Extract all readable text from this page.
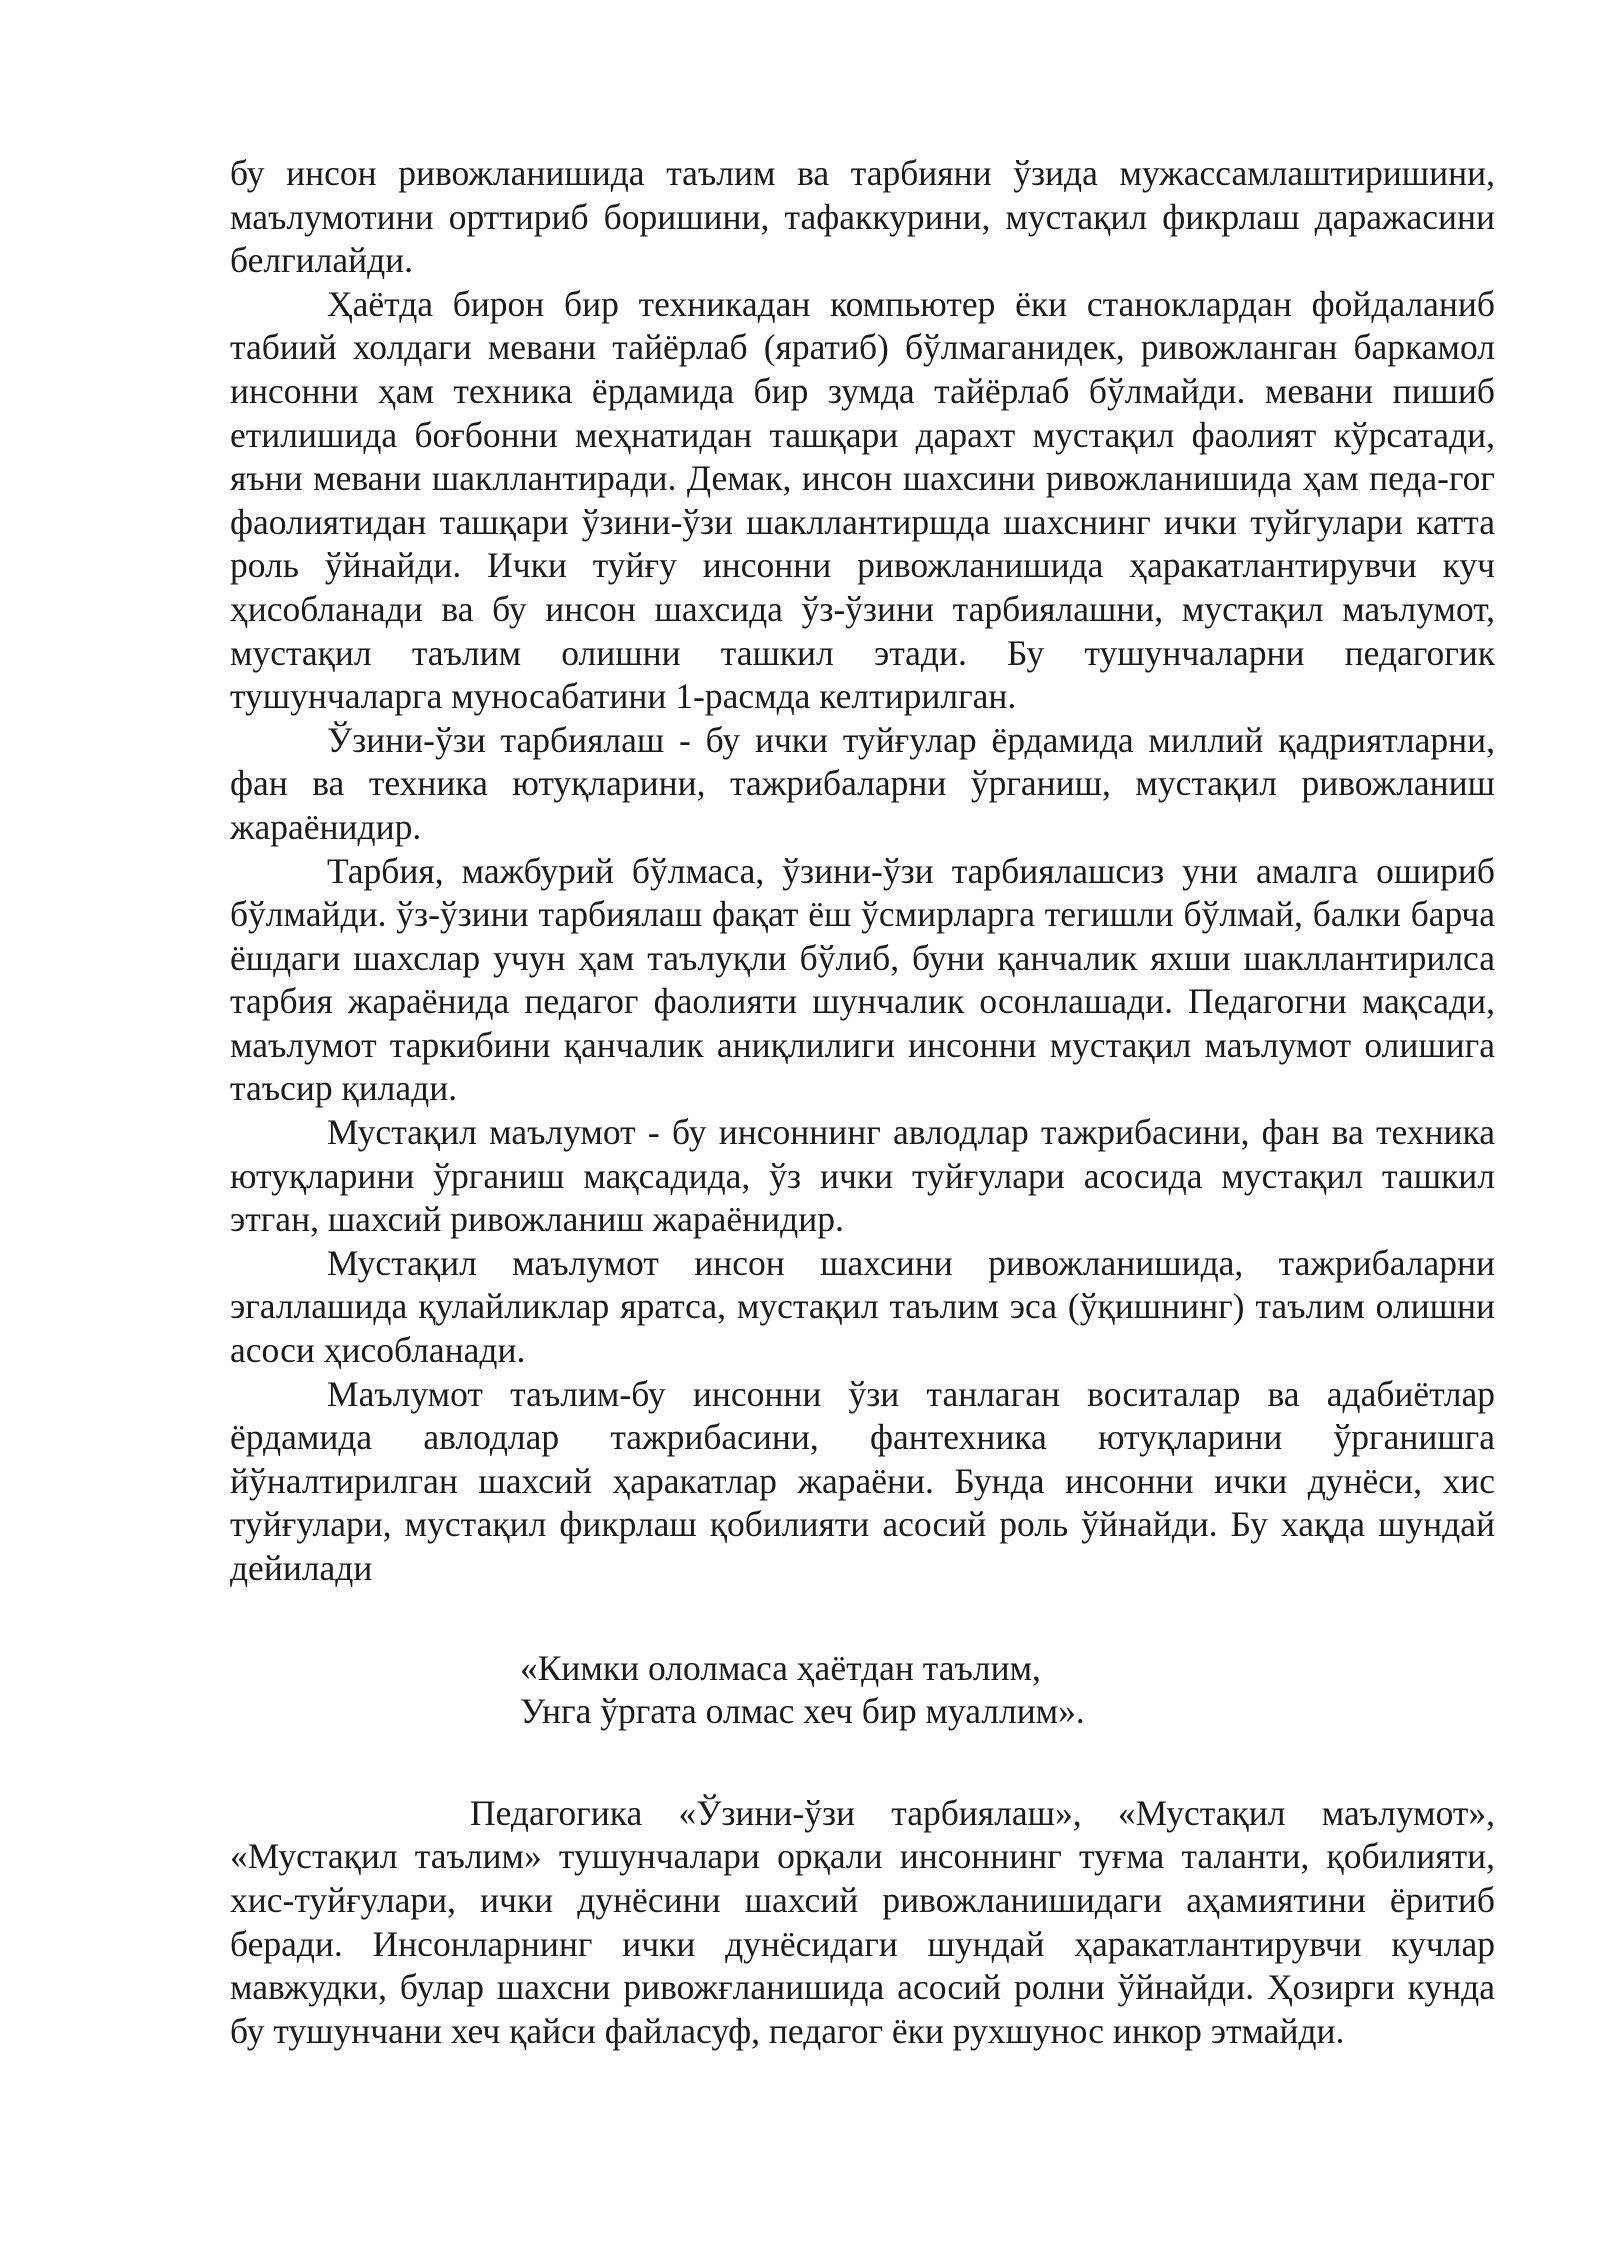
бу инсон ривожланишида таълим ва тарбияни ўзида мужассамлаштиришини, маълумотини орттириб боришини, тафаккурини, мустақил фикрлаш даражасини белгилайди.

Ҳаётда бирон бир техникадан компьютер ёки станоклардан фойдаланиб табиий холдаги мевани тайёрлаб (яратиб) бўлмаганидек, ривожланган баркамол инсонни ҳам техника ёрдамида бир зумда тайёрлаб бўлмайди. мевани пишиб етилишида боғбонни меҳнатидан ташқари дарахт мустақил фаолият кўрсатади, яъни мевани шакллантиради. Демак, инсон шахсини ривожланишида ҳам педа-гог фаолиятидан ташқари ўзини-ўзи шакллантиршда шахснинг ички туйгулари катта роль ўйнайди. Ички туйғу инсонни ривожланишида ҳаракатлантирувчи куч ҳисобланади ва бу инсон шахсида ўз-ўзини тарбиялашни, мустақил маълумот, мустақил таълим олишни ташкил этади. Бу тушунчаларни педагогик тушунчаларга муносабатини 1-расмда келтирилган.

Ўзини-ўзи тарбиялаш - бу ички туйғулар ёрдамида миллий қадриятларни, фан ва техника ютуқларини, тажрибаларни ўрганиш, мустақил ривожланиш жараёнидир.

Тарбия, мажбурий бўлмаса, ўзини-ўзи тарбиялашсиз уни амалга ошириб бўлмайди. ўз-ўзини тарбиялаш фақат ёш ўсмирларга тегишли бўлмай, балки барча ёшдаги шахслар учун ҳам таълуқли бўлиб, буни қанчалик яхши шакллантирилса тарбия жараёнида педагог фаолияти шунчалик осонлашади. Педагогни мақсади, маълумот таркибини қанчалик аниқлилиги инсонни мустақил маълумот олишига таъсир қилади.

Мустақил маълумот - бу инсоннинг авлодлар тажрибасини, фан ва техника ютуқларини ўрганиш мақсадида, ўз ички туйғулари асосида мустақил ташкил этган, шахсий ривожланиш жараёнидир.

Мустақил маълумот инсон шахсини ривожланишида, тажрибаларни эгаллашида қулайликлар яратса, мустақил таълим эса (ўқишнинг) таълим олишни асоси ҳисобланади.

Маълумот таълим-бу инсонни ўзи танлаган воситалар ва адабиётлар ёрдамида авлодлар тажрибасини, фантехника ютуқларини ўрганишга йўналтирилган шахсий ҳаракатлар жараёни. Бунда инсонни ички дунёси, хис туйғулари, мустақил фикрлаш қобилияти асосий роль ўйнайди. Бу хақда шундай дейилади

«Кимки ололмаса ҳаётдан таълим,
Унга ўргата олмас хеч бир муаллим».

Педагогика «Ўзини-ўзи тарбиялаш», «Мустақил маълумот», «Мустақил таълим» тушунчалари орқали инсоннинг туғма таланти, қобилияти, хис-туйғулари, ички дунёсини шахсий ривожланишидаги аҳамиятини ёритиб беради. Инсонларнинг ички дунёсидаги шундай ҳаракатлантирувчи кучлар мавжудки, булар шахсни ривожғланишида асосий ролни ўйнайди. Ҳозирги кунда бу тушунчани хеч қайси файласуф, педагог ёки рухшунос инкор этмайди.
